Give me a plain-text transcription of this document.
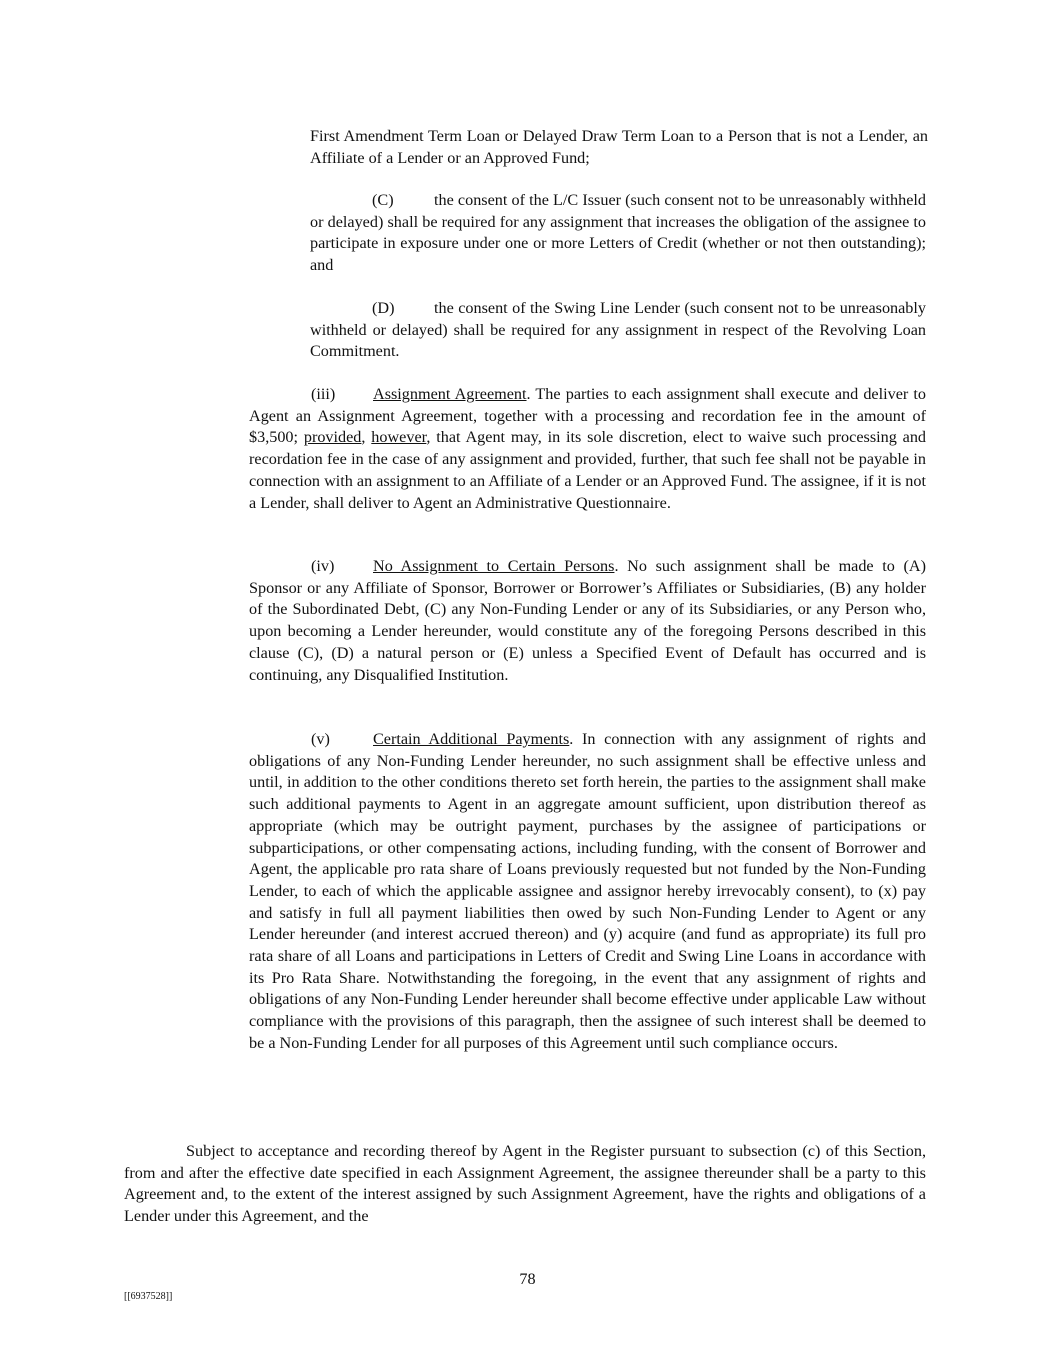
First Amendment Term Loan or Delayed Draw Term Loan to a Person that is not a Lender, an Affiliate of a Lender or an Approved Fund;

(C) the consent of the L/C Issuer (such consent not to be unreasonably withheld or delayed) shall be required for any assignment that increases the obligation of the assignee to participate in exposure under one or more Letters of Credit (whether or not then outstanding); and

(D) the consent of the Swing Line Lender (such consent not to be unreasonably withheld or delayed) shall be required for any assignment in respect of the Revolving Loan Commitment.

(iii) Assignment Agreement. The parties to each assignment shall execute and deliver to Agent an Assignment Agreement, together with a processing and recordation fee in the amount of $3,500; provided, however, that Agent may, in its sole discretion, elect to waive such processing and recordation fee in the case of any assignment and provided, further, that such fee shall not be payable in connection with an assignment to an Affiliate of a Lender or an Approved Fund. The assignee, if it is not a Lender, shall deliver to Agent an Administrative Questionnaire.

(iv) No Assignment to Certain Persons. No such assignment shall be made to (A) Sponsor or any Affiliate of Sponsor, Borrower or Borrower’s Affiliates or Subsidiaries, (B) any holder of the Subordinated Debt, (C) any Non-Funding Lender or any of its Subsidiaries, or any Person who, upon becoming a Lender hereunder, would constitute any of the foregoing Persons described in this clause (C), (D) a natural person or (E) unless a Specified Event of Default has occurred and is continuing, any Disqualified Institution.

(v)	Certain Additional Payments. In connection with any assignment of rights and obligations of any Non-Funding Lender hereunder, no such assignment shall be effective unless and until, in addition to the other conditions thereto set forth herein, the parties to the assignment shall make such additional payments to Agent in an aggregate amount sufficient, upon distribution thereof as appropriate (which may be outright payment, purchases by the assignee of participations or subparticipations, or other compensating actions, including funding, with the consent of Borrower and Agent, the applicable pro rata share of Loans previously requested but not funded by the Non-Funding Lender, to each of which the applicable assignee and assignor hereby irrevocably consent), to (x) pay and satisfy in full all payment liabilities then owed by such Non-Funding Lender to Agent or any Lender hereunder (and interest accrued thereon) and (y) acquire (and fund as appropriate) its full pro rata share of all Loans and participations in Letters of Credit and Swing Line Loans in accordance with its Pro Rata Share. Notwithstanding the foregoing, in the event that any assignment of rights and obligations of any Non-Funding Lender hereunder shall become effective under applicable Law without compliance with the provisions of this paragraph, then the assignee of such interest shall be deemed to be a Non-Funding Lender for all purposes of this Agreement until such compliance occurs.

Subject to acceptance and recording thereof by Agent in the Register pursuant to subsection (c) of this Section, from and after the effective date specified in each Assignment Agreement, the assignee thereunder shall be a party to this Agreement and, to the extent of the interest assigned by such Assignment Agreement, have the rights and obligations of a Lender under this Agreement, and the

78
[[6937528]]
